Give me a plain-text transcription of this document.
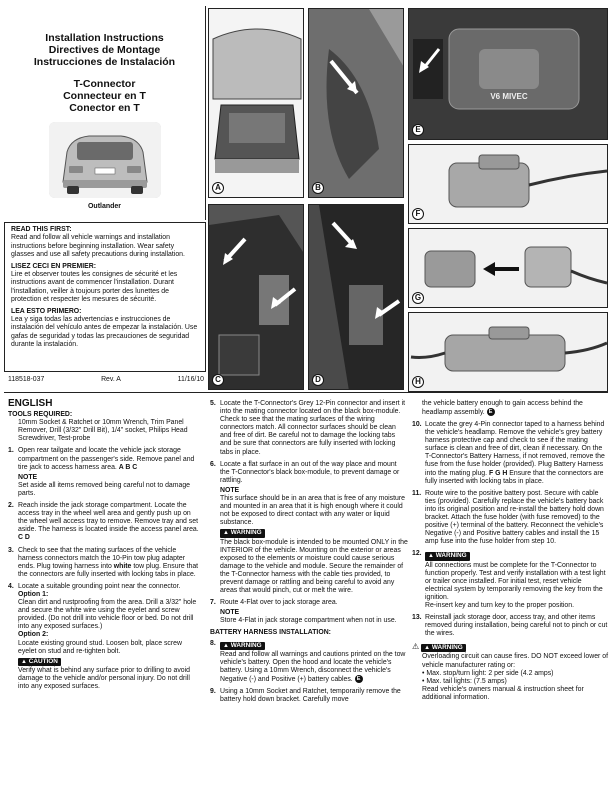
Installation Instructions
Directives de Montage
Instrucciones de Instalación
T-Connector
Connecteur en T
Conector en T
Outlander
READ THIS FIRST:

Read and follow all vehicle warnings and installation instructions before beginning installation. Wear safety glasses and use all safety precautions during installation.

LISEZ CECI EN PREMIER:

Lire et observer toutes les consignes de sécurité et les instructions avant de commencer l'installation. Durant l'installation, veiller à toujours porter des lunettes de protection et respecter les mesures de sécurité.

LEA ESTO PRIMERO:

Lea y siga todas las advertencias e instrucciones de instalación del vehículo antes de empezar la instalación. Use gafas de seguridad y todas las precauciones de seguridad durante la instalación.

118518-037	Rev. A	11/16/10
A	B
C	D
V6 MIVEC
E
F
G
H
ENGLISH
TOOLS REQUIRED:
10mm Socket & Ratchet or 10mm Wrench, Trim Panel Remover, Drill (3/32" Drill Bit), 1/4" socket, Philips Head Screwdriver, Test-probe
1. Open rear tailgate and locate the vehicle jack storage compartment on the passenger's side. Remove panel and tire jack to access harness area. A B C
NOTE
Set aside all items removed being careful not to damage parts.
2. Reach inside the jack storage compartment. Locate the access tray in the wheel well area and gently push up on the wheel well access tray to remove. Remove tray and set aside. The harness is located inside the access panel area. C D
3. Check to see that the mating surfaces of the vehicle harness connectors match the 10-Pin tow plug adapter ends. Plug towing harness into white tow plug. Ensure that the connectors are fully inserted with locking tabs in place.
4. Locate a suitable grounding point near the connector.
Option 1:
Clean dirt and rustproofing from the area. Drill a 3/32" hole and secure the white wire using the eyelet and screw provided. (Do not drill into vehicle floor or bed. Do not drill into any exposed surfaces.)
Option 2:
Locate existing ground stud. Loosen bolt, place screw eyelet on stud and re-tighten bolt.
▲ CAUTION
Verify what is behind any surface prior to drilling to avoid damage to the vehicle and/or personal injury. Do not drill into any exposed surfaces.
5. Locate the T-Connector's Grey 12-Pin connector and insert it into the mating connector located on the black box-module. Check to see that the mating surfaces of the wiring connectors match. All connector surfaces should be clean and free of dirt. Be careful not to damage the locking tabs and be sure that connectors are fully inserted with locking tabs in place.
6. Locate a flat surface in an out of the way place and mount the T-Connector's black box-module, to prevent damage or rattling.
NOTE
This surface should be in an area that is free of any moisture and mounted in an area that it is high enough where it could not be exposed to direct contact with any water or liquid substance.
▲ WARNING
The black box-module is intended to be mounted ONLY in the INTERIOR of the vehicle. Mounting on the exterior or areas exposed to the elements or moisture could cause serious damage to the vehicle and module. Secure the remainder of the T-Connector harness with the cable ties provided, to prevent damage or rattling and being careful to avoid any areas that would pinch, cut or melt the wire.
7. Route 4-Flat over to jack storage area.
NOTE
Store 4-Flat in jack storage compartment when not in use.
BATTERY HARNESS INSTALLATION:
8.	▲ WARNING
Read and follow all warnings and cautions printed on the tow vehicle's battery. Open the hood and locate the vehicle's battery. Using a 10mm Wrench, disconnect the vehicle's Negative (-) and Positive (+) battery cables. E
9. Using a 10mm Socket and Ratchet, temporarily remove the battery hold down bracket. Carefully move
the vehicle battery enough to gain access behind the headlamp assembly. E
10. Locate the grey 4-Pin connector taped to a harness behind the vehicle's headlamp. Remove the vehicle's grey battery harness protective cap and check to see if the mating surface is clean and free of dirt, clean if necessary. On the T-Connector's Battery Harness, if not removed, remove the fuse from the fuse holder (provided). Plug Battery Harness into the mating plug. F G H Ensure that the connectors are fully inserted with locking tabs in place.
11. Route wire to the positive battery post. Secure with cable ties (provided). Carefully replace the vehicle's battery back into its original position and re-install the battery hold down bracket. Attach the fuse holder (with fuse removed) to the positive (+) terminal of the battery. Reconnect the vehicle's Negative (-) and Positive battery cables and install the 15 amp fuse into the fuse holder from step 10.
12.	▲ WARNING
All connections must be complete for the T-Connector to function properly. Test and verify installation with a test light or trailer once installed. For initial test, reset vehicle electrical system by temporarily removing the key from the ignition.
Re-insert key and turn key to the proper position.
13. Reinstall jack storage door, access tray, and other items removed during installation, being careful not to pinch or cut the wires.
⚠ ▲ WARNING
Overloading circuit can cause fires. DO NOT exceed lower of vehicle manufacturer rating or:
• Max. stop/turn light: 2 per side (4.2 amps)
• Max. tail lights: (7.5 amps)
Read vehicle's owners manual & instruction sheet for additional information.
